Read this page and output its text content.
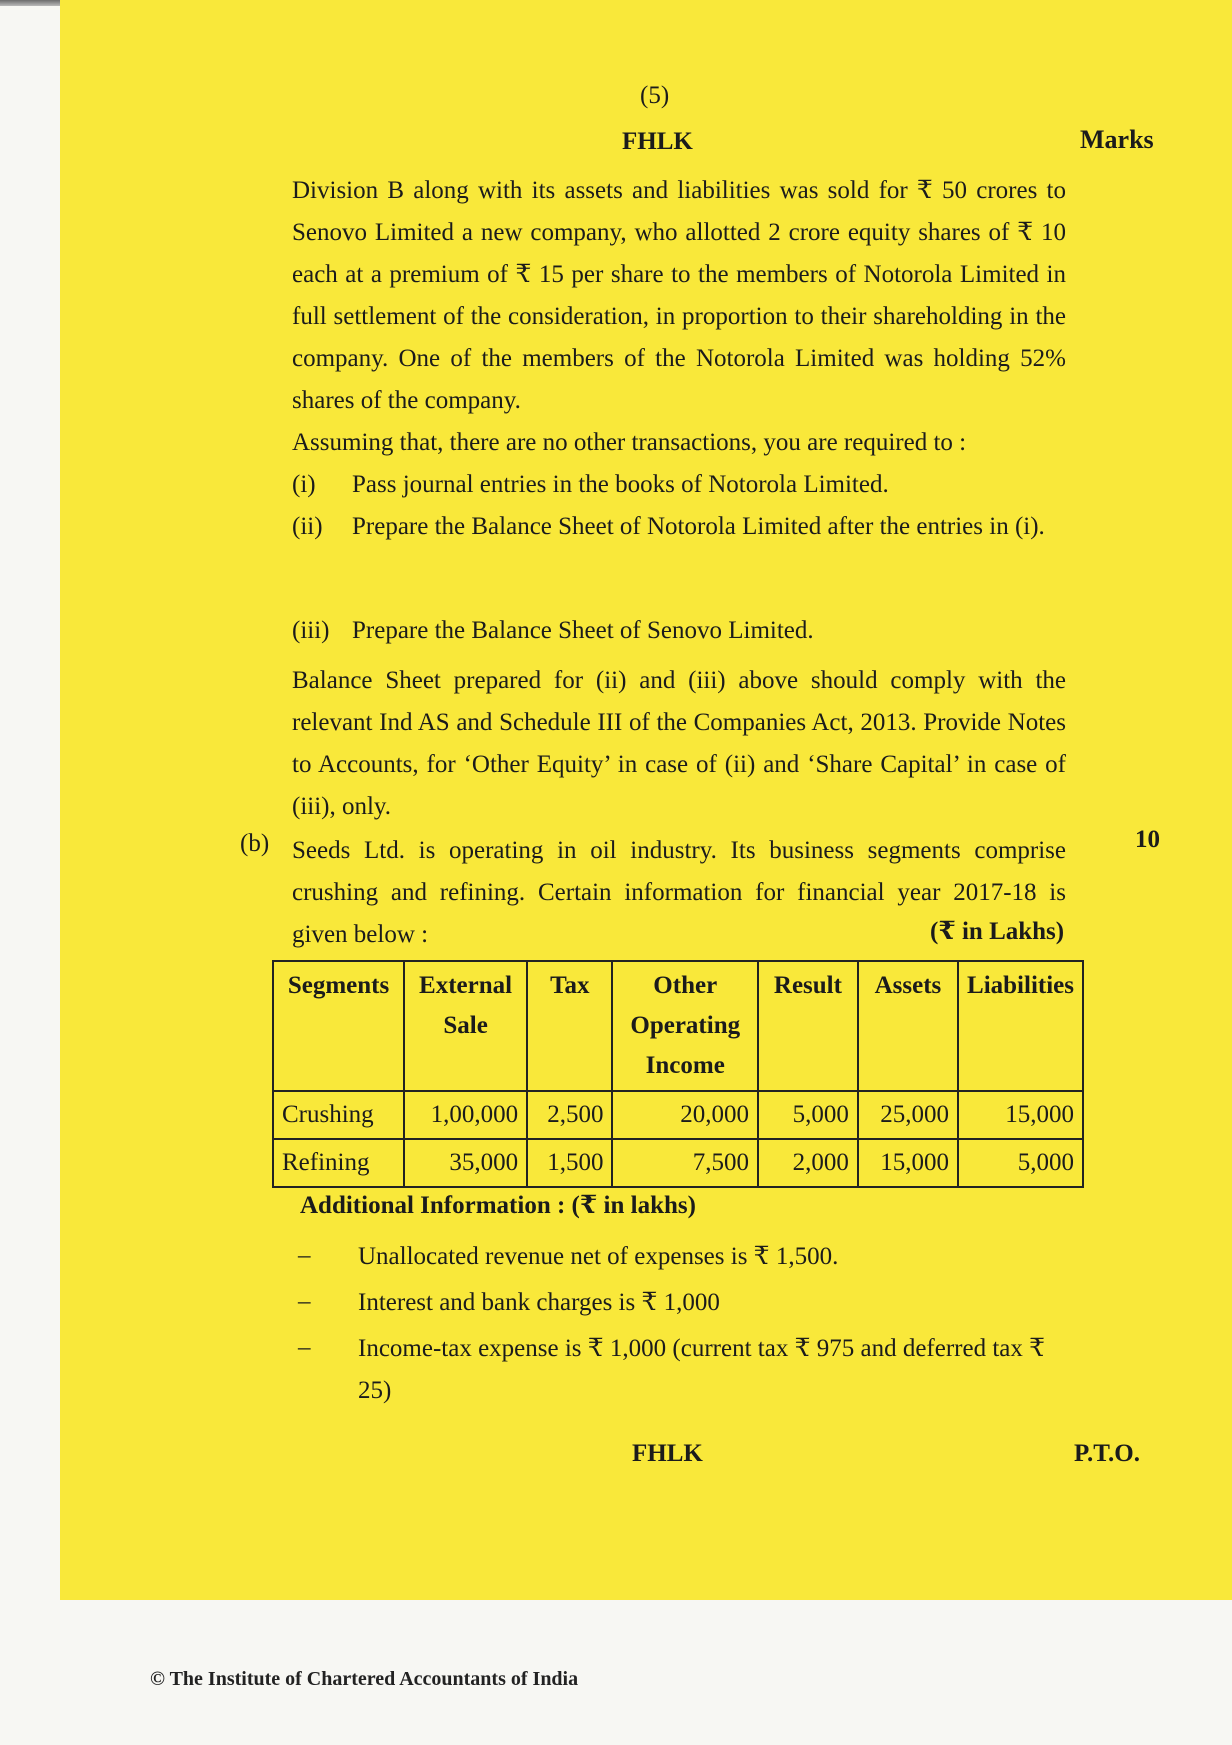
(5)
FHLK	Marks

Division B along with its assets and liabilities was sold for ₹ 50 crores to Senovo Limited a new company, who allotted 2 crore equity shares of ₹ 10 each at a premium of ₹ 15 per share to the members of Notorola Limited in full settlement of the consideration, in proportion to their shareholding in the company. One of the members of the Notorola Limited was holding 52% shares of the company.

Assuming that, there are no other transactions, you are required to :

(i)	Pass journal entries in the books of Notorola Limited.
(ii)	Prepare the Balance Sheet of Notorola Limited after the entries in (i).
(iii) Prepare the Balance Sheet of Senovo Limited.

Balance Sheet prepared for (ii) and (iii) above should comply with the relevant Ind AS and Schedule III of the Companies Act, 2013. Provide Notes to Accounts, for ‘Other Equity’ in case of (ii) and ‘Share Capital’ in case of (iii), only.

(b)	10

Seeds Ltd. is operating in oil industry. Its business segments comprise crushing and refining. Certain information for financial year 2017-18 is given below :	(₹ in Lakhs)
Segments	External Sale	Tax	Other Operating Income	Result	Assets	Liabilities
Crushing	1,00,000	2,500	20,000	5,000	25,000	15,000
Refining	35,000	1,500	7,500	2,000	15,000	5,000
Additional Information : (₹ in lakhs)
– Unallocated revenue net of expenses is ₹ 1,500.
– Interest and bank charges is ₹ 1,000
– Income-tax expense is ₹ 1,000 (current tax ₹ 975 and deferred tax ₹ 25)
FHLK	P.T.O.
© The Institute of Chartered Accountants of India
